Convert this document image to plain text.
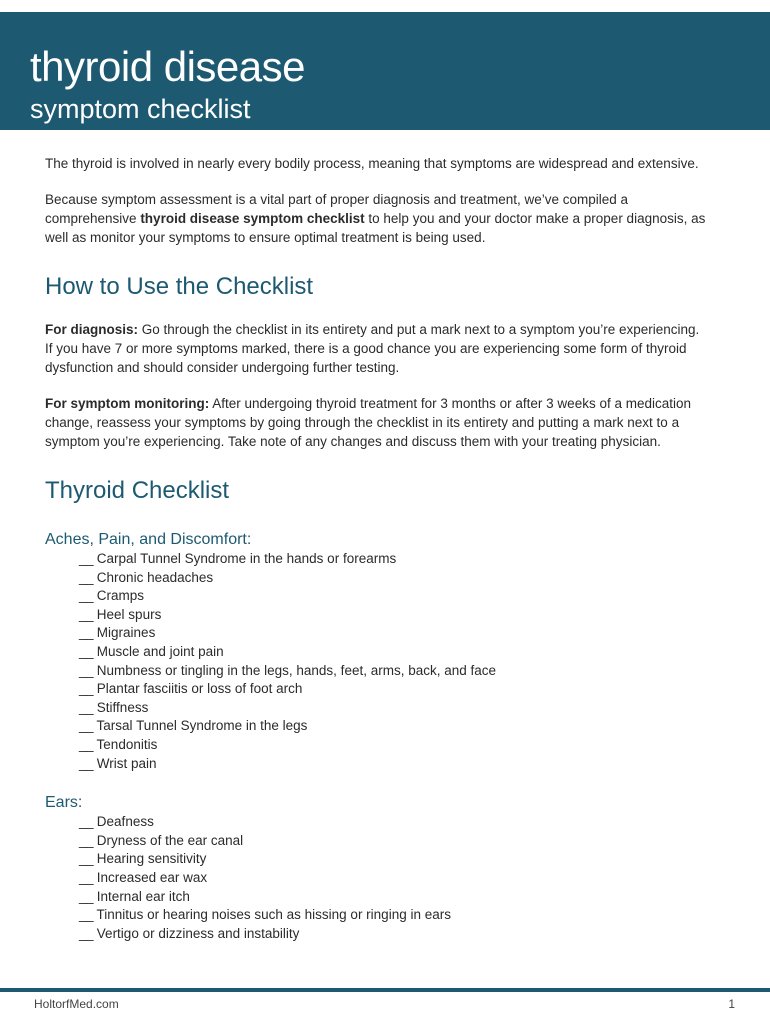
thyroid disease
symptom checklist

The thyroid is involved in nearly every bodily process, meaning that symptoms are widespread and extensive.

Because symptom assessment is a vital part of proper diagnosis and treatment, we’ve compiled a comprehensive thyroid disease symptom checklist to help you and your doctor make a proper diagnosis, as well as monitor your symptoms to ensure optimal treatment is being used.

How to Use the Checklist

For diagnosis: Go through the checklist in its entirety and put a mark next to a symptom you’re experiencing. If you have 7 or more symptoms marked, there is a good chance you are experiencing some form of thyroid dysfunction and should consider undergoing further testing.

For symptom monitoring: After undergoing thyroid treatment for 3 months or after 3 weeks of a medication change, reassess your symptoms by going through the checklist in its entirety and putting a mark next to a symptom you’re experiencing. Take note of any changes and discuss them with your treating physician.

Thyroid Checklist
Aches, Pain, and Discomfort:
__ Carpal Tunnel Syndrome in the hands or forearms
__ Chronic headaches
__ Cramps
__ Heel spurs
__ Migraines
__ Muscle and joint pain
__ Numbness or tingling in the legs, hands, feet, arms, back, and face
__ Plantar fasciitis or loss of foot arch
__ Stiffness
__ Tarsal Tunnel Syndrome in the legs
__ Tendonitis
__ Wrist pain
Ears:
__ Deafness
__ Dryness of the ear canal
__ Hearing sensitivity
__ Increased ear wax
__ Internal ear itch
__ Tinnitus or hearing noises such as hissing or ringing in ears
__ Vertigo or dizziness and instability
HoltorfMed.com	1
